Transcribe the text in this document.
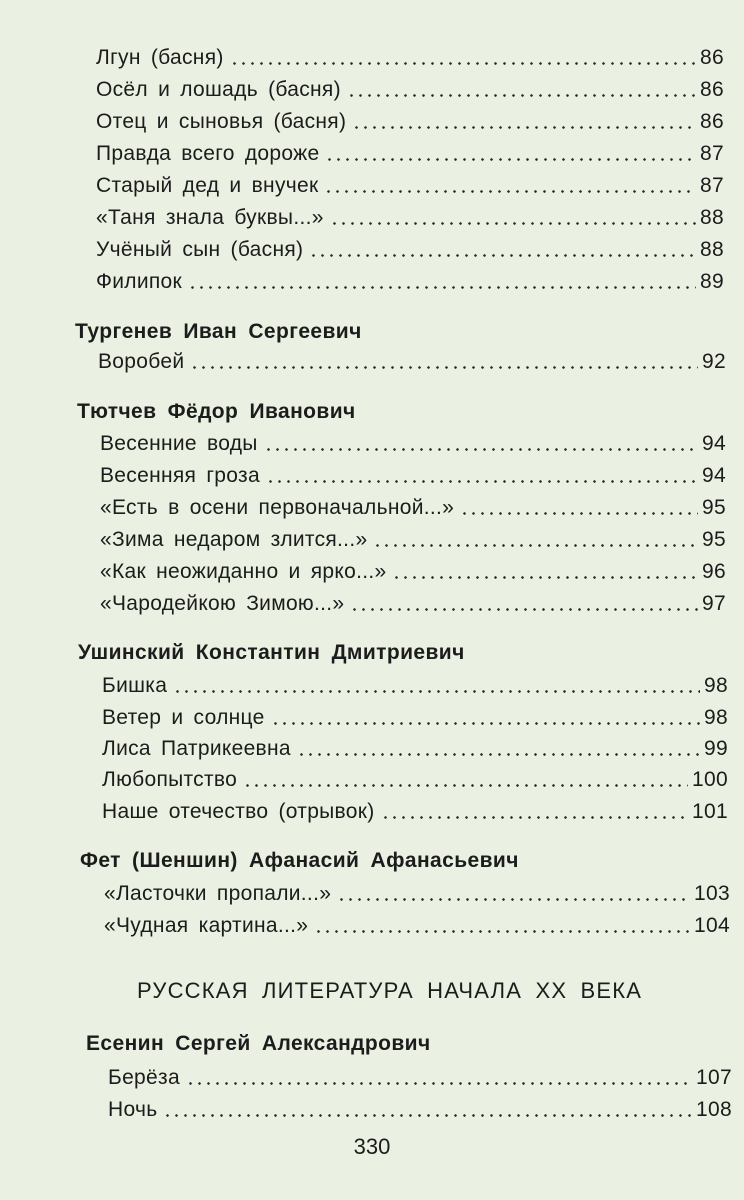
Лгун (басня)	86
Осёл и лошадь (басня)	86
Отец и сыновья (басня)	86
Правда всего дороже	87
Старый дед и внучек	87
«Таня знала буквы...»	88
Учёный сын (басня)	88
Филипок	89
Тургенев Иван Сергеевич
Воробей	92
Тютчев Фёдор Иванович
Весенние воды	94
Весенняя гроза	94
«Есть в осени первоначальной...»	95
«Зима недаром злится...»	95
«Как неожиданно и ярко...»	96
«Чародейкою Зимою...»	97
Ушинский Константин Дмитриевич
Бишка	98
Ветер и солнце	98
Лиса Патрикеевна	99
Любопытство	100
Наше отечество (отрывок)	101
Фет (Шеншин) Афанасий Афанасьевич
«Ласточки пропали...»	103
«Чудная картина...»	104
РУССКАЯ ЛИТЕРАТУРА НАЧАЛА XX ВЕКА
Есенин Сергей Александрович
Берёза	107
Ночь	108
330
